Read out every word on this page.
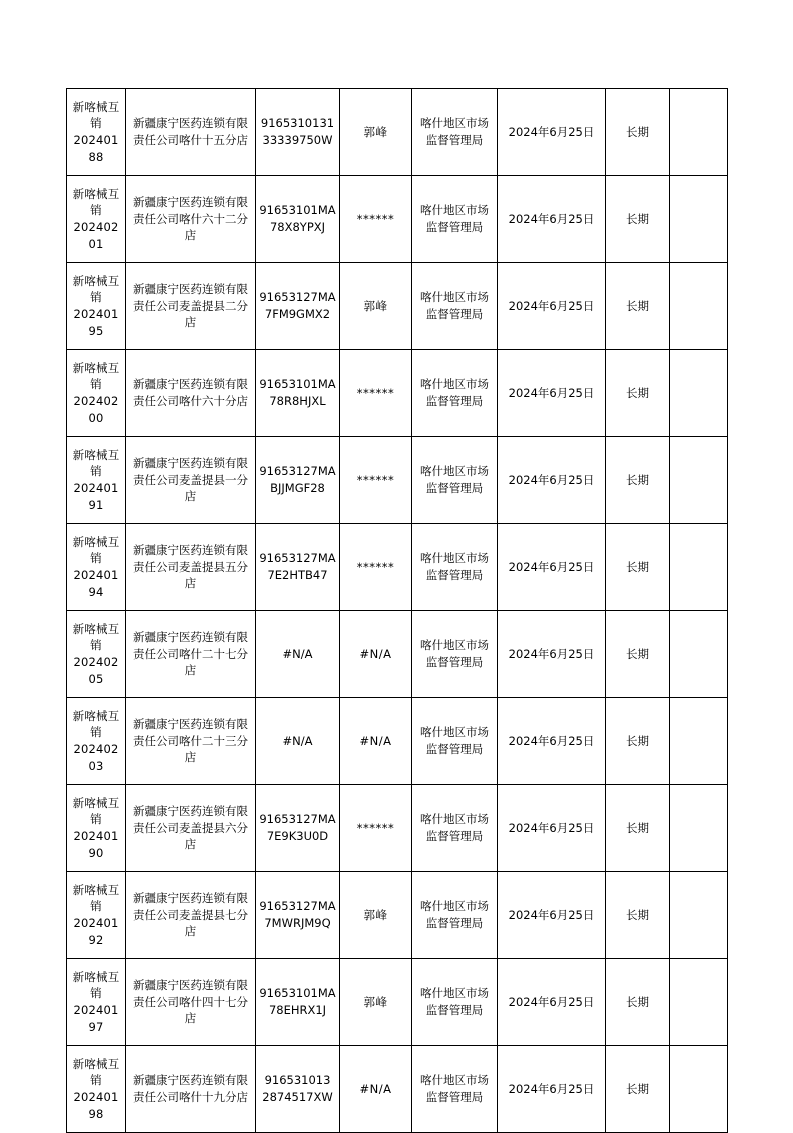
新喀械互销202401 88	新疆康宁医药连锁有限责任公司喀什十五分店	916531013133339750W	郭峰	喀什地区市场监督管理局	2024年6月25日	长期	
新喀械互销202402 01	新疆康宁医药连锁有限责任公司喀什六十二分店	91653101MA78X8YPXJ	******	喀什地区市场监督管理局	2024年6月25日	长期	
新喀械互销202401 95	新疆康宁医药连锁有限责任公司麦盖提县二分店	91653127MA7FM9GMX2	郭峰	喀什地区市场监督管理局	2024年6月25日	长期	
新喀械互销202402 00	新疆康宁医药连锁有限责任公司喀什六十分店	91653101MA78R8HJXL	******	喀什地区市场监督管理局	2024年6月25日	长期	
新喀械互销202401 91	新疆康宁医药连锁有限责任公司麦盖提县一分店	91653127MABJJMGF28	******	喀什地区市场监督管理局	2024年6月25日	长期	
新喀械互销202401 94	新疆康宁医药连锁有限责任公司麦盖提县五分店	91653127MA7E2HTB47	******	喀什地区市场监督管理局	2024年6月25日	长期	
新喀械互销202402 05	新疆康宁医药连锁有限责任公司喀什二十七分店	#N/A	#N/A	喀什地区市场监督管理局	2024年6月25日	长期	
新喀械互销202402 03	新疆康宁医药连锁有限责任公司喀什二十三分店	#N/A	#N/A	喀什地区市场监督管理局	2024年6月25日	长期	
新喀械互销202401 90	新疆康宁医药连锁有限责任公司麦盖提县六分店	91653127MA7E9K3U0D	******	喀什地区市场监督管理局	2024年6月25日	长期	
新喀械互销202401 92	新疆康宁医药连锁有限责任公司麦盖提县七分店	91653127MA7MWRJM9Q	郭峰	喀什地区市场监督管理局	2024年6月25日	长期	
新喀械互销202401 97	新疆康宁医药连锁有限责任公司喀什四十七分店	91653101MA78EHRX1J	郭峰	喀什地区市场监督管理局	2024年6月25日	长期	
新喀械互销202401 98	新疆康宁医药连锁有限责任公司喀什十九分店	916531013 2874517XW	#N/A	喀什地区市场监督管理局	2024年6月25日	长期	
